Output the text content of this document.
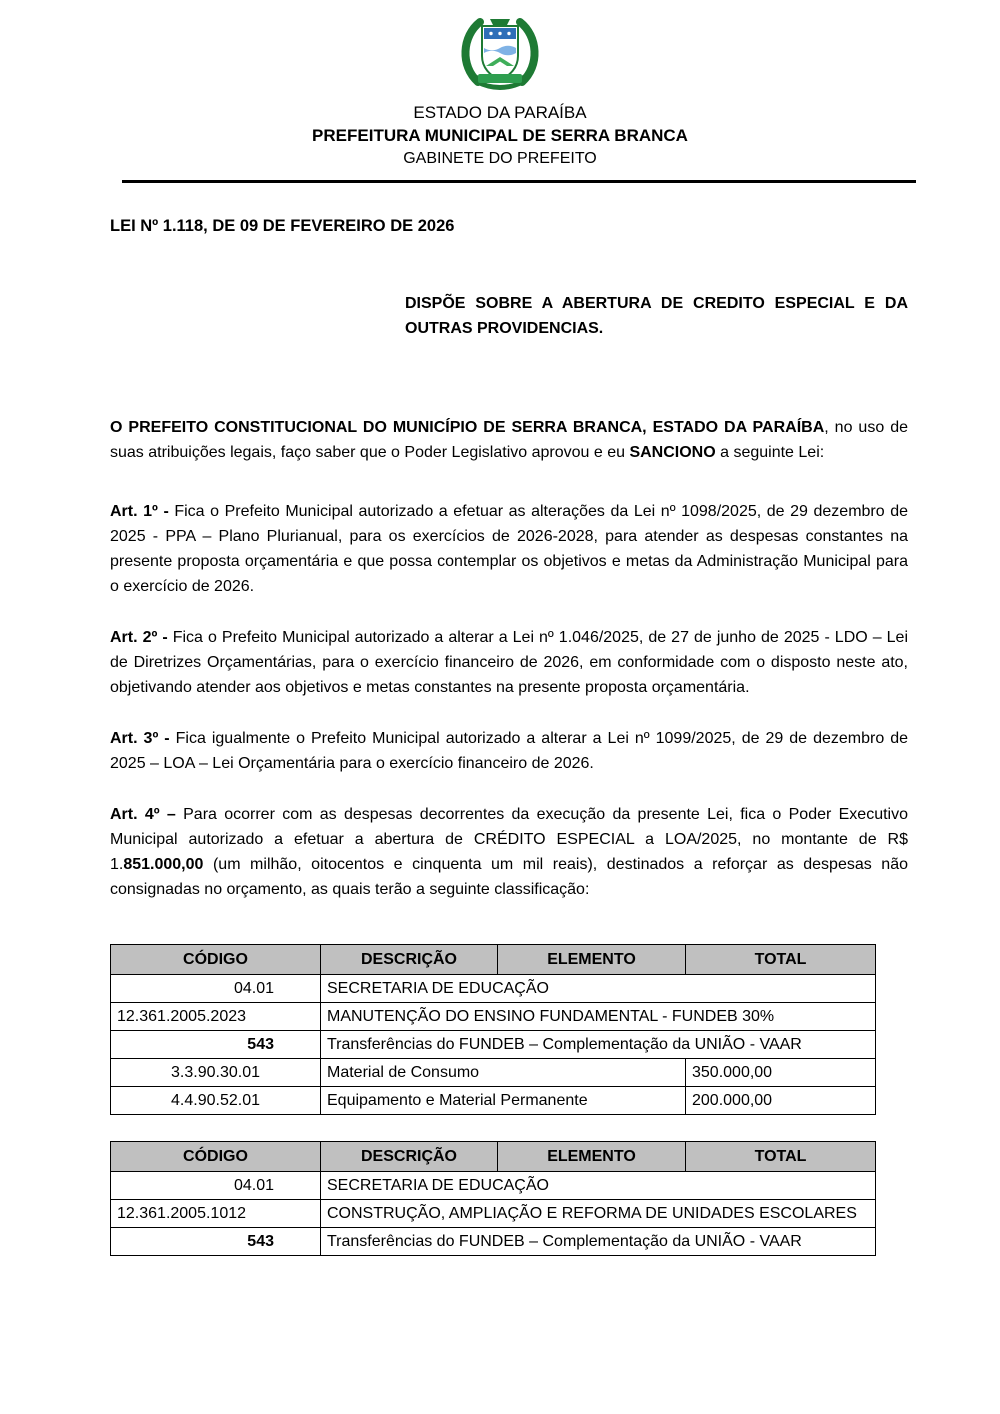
ESTADO DA PARAÍBA
PREFEITURA MUNICIPAL DE SERRA BRANCA
GABINETE DO PREFEITO

LEI Nº 1.118, DE 09 DE FEVEREIRO DE 2026

DISPÕE SOBRE A ABERTURA DE CREDITO ESPECIAL E DA OUTRAS PROVIDENCIAS.

O PREFEITO CONSTITUCIONAL DO MUNICÍPIO DE SERRA BRANCA, ESTADO DA PARAÍBA, no uso de suas atribuições legais, faço saber que o Poder Legislativo aprovou e eu SANCIONO a seguinte Lei:

Art. 1º - Fica o Prefeito Municipal autorizado a efetuar as alterações da Lei nº 1098/2025, de 29 dezembro de 2025 - PPA – Plano Plurianual, para os exercícios de 2026-2028, para atender as despesas constantes na presente proposta orçamentária e que possa contemplar os objetivos e metas da Administração Municipal para o exercício de 2026.

Art. 2º - Fica o Prefeito Municipal autorizado a alterar a Lei nº 1.046/2025, de 27 de junho de 2025 - LDO – Lei de Diretrizes Orçamentárias, para o exercício financeiro de 2026, em conformidade com o disposto neste ato, objetivando atender aos objetivos e metas constantes na presente proposta orçamentária.

Art. 3º - Fica igualmente o Prefeito Municipal autorizado a alterar a Lei nº 1099/2025, de 29 de dezembro de 2025 – LOA – Lei Orçamentária para o exercício financeiro de 2026.

Art. 4º – Para ocorrer com as despesas decorrentes da execução da presente Lei, fica o Poder Executivo Municipal autorizado a efetuar a abertura de CRÉDITO ESPECIAL a LOA/2025, no montante de R$ 1.851.000,00 (um milhão, oitocentos e cinquenta um mil reais), destinados a reforçar as despesas não consignadas no orçamento, as quais terão a seguinte classificação:

CÓDIGO	DESCRIÇÃO	ELEMENTO	TOTAL
04.01	SECRETARIA DE EDUCAÇÃO		
12.361.2005.2023	MANUTENÇÃO DO ENSINO FUNDAMENTAL - FUNDEB 30%		
543	Transferências do FUNDEB – Complementação da UNIÃO - VAAR		
3.3.90.30.01	Material de Consumo		350.000,00
4.4.90.52.01	Equipamento e Material Permanente		200.000,00
CÓDIGO	DESCRIÇÃO	ELEMENTO	TOTAL
04.01	SECRETARIA DE EDUCAÇÃO		
12.361.2005.1012	CONSTRUÇÃO, AMPLIAÇÃO E REFORMA DE UNIDADES ESCOLARES		
543	Transferências do FUNDEB – Complementação da UNIÃO - VAAR		
